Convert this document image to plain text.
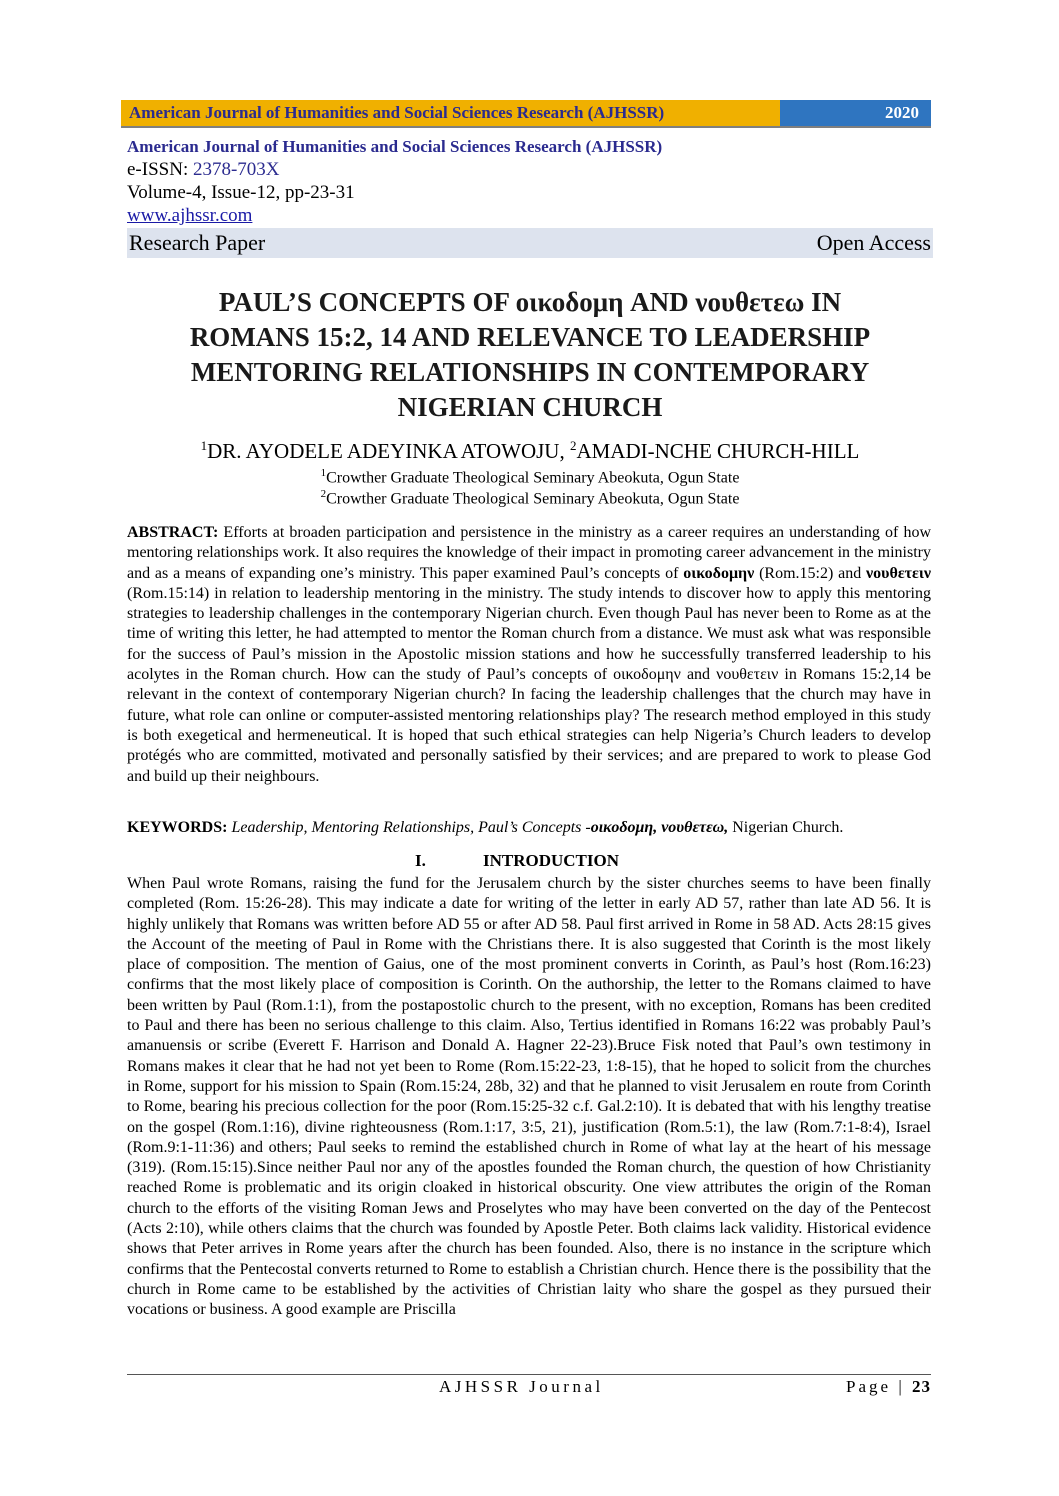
American Journal of Humanities and Social Sciences Research (AJHSSR)	2020
American Journal of Humanities and Social Sciences Research (AJHSSR)
e-ISSN: 2378-703X
Volume-4, Issue-12, pp-23-31
www.ajhssr.com
Research Paper	Open Access
PAUL’S CONCEPTS OF οικοδομη AND νουθετεω IN
ROMANS 15:2, 14 AND RELEVANCE TO LEADERSHIP
MENTORING RELATIONSHIPS IN CONTEMPORARY
NIGERIAN CHURCH
$^1$DR. AYODELE ADEYINKA ATOWOJU, $^2$AMADI-NCHE CHURCH-HILL
$^1$Crowther Graduate Theological Seminary Abeokuta, Ogun State
$^2$Crowther Graduate Theological Seminary Abeokuta, Ogun State
ABSTRACT: Efforts at broaden participation and persistence in the ministry as a career requires an understanding of how mentoring relationships work. It also requires the knowledge of their impact in promoting career advancement in the ministry and as a means of expanding one’s ministry. This paper examined Paul’s concepts of οικοδομην (Rom.15:2) and νουθετειν (Rom.15:14) in relation to leadership mentoring in the ministry. The study intends to discover how to apply this mentoring strategies to leadership challenges in the contemporary Nigerian church. Even though Paul has never been to Rome as at the time of writing this letter, he had attempted to mentor the Roman church from a distance. We must ask what was responsible for the success of Paul’s mission in the Apostolic mission stations and how he successfully transferred leadership to his acolytes in the Roman church. How can the study of Paul’s concepts of οικοδομην and νουθετειν in Romans 15:2,14 be relevant in the context of contemporary Nigerian church? In facing the leadership challenges that the church may have in future, what role can online or computer-assisted mentoring relationships play? The research method employed in this study is both exegetical and hermeneutical. It is hoped that such ethical strategies can help Nigeria’s Church leaders to develop protégés who are committed, motivated and personally satisfied by their services; and are prepared to work to please God and build up their neighbours.
KEYWORDS: Leadership, Mentoring Relationships, Paul’s Concepts -οικοδομη, νουθετεω, Nigerian Church.
I.	INTRODUCTION
When Paul wrote Romans, raising the fund for the Jerusalem church by the sister churches seems to have been finally completed (Rom. 15:26-28). This may indicate a date for writing of the letter in early AD 57, rather than late AD 56. It is highly unlikely that Romans was written before AD 55 or after AD 58. Paul first arrived in Rome in 58 AD. Acts 28:15 gives the Account of the meeting of Paul in Rome with the Christians there. It is also suggested that Corinth is the most likely place of composition. The mention of Gaius, one of the most prominent converts in Corinth, as Paul’s host (Rom.16:23) confirms that the most likely place of composition is Corinth. On the authorship, the letter to the Romans claimed to have been written by Paul (Rom.1:1), from the postapostolic church to the present, with no exception, Romans has been credited to Paul and there has been no serious challenge to this claim. Also, Tertius identified in Romans 16:22 was probably Paul’s amanuensis or scribe (Everett F. Harrison and Donald A. Hagner 22-23).Bruce Fisk noted that Paul’s own testimony in Romans makes it clear that he had not yet been to Rome (Rom.15:22-23, 1:8-15), that he hoped to solicit from the churches in Rome, support for his mission to Spain (Rom.15:24, 28b, 32) and that he planned to visit Jerusalem en route from Corinth to Rome, bearing his precious collection for the poor (Rom.15:25-32 c.f. Gal.2:10). It is debated that with his lengthy treatise on the gospel (Rom.1:16), divine righteousness (Rom.1:17, 3:5, 21), justification (Rom.5:1), the law (Rom.7:1-8:4), Israel (Rom.9:1-11:36) and others; Paul seeks to remind the established church in Rome of what lay at the heart of his message (319). (Rom.15:15).Since neither Paul nor any of the apostles founded the Roman church, the question of how Christianity reached Rome is problematic and its origin cloaked in historical obscurity. One view attributes the origin of the Roman church to the efforts of the visiting Roman Jews and Proselytes who may have been converted on the day of the Pentecost (Acts 2:10), while others claims that the church was founded by Apostle Peter. Both claims lack validity. Historical evidence shows that Peter arrives in Rome years after the church has been founded. Also, there is no instance in the scripture which confirms that the Pentecostal converts returned to Rome to establish a Christian church. Hence there is the possibility that the church in Rome came to be established by the activities of Christian laity who share the gospel as they pursued their vocations or business. A good example are Priscilla
AJHSSR Journal	Page | 23
